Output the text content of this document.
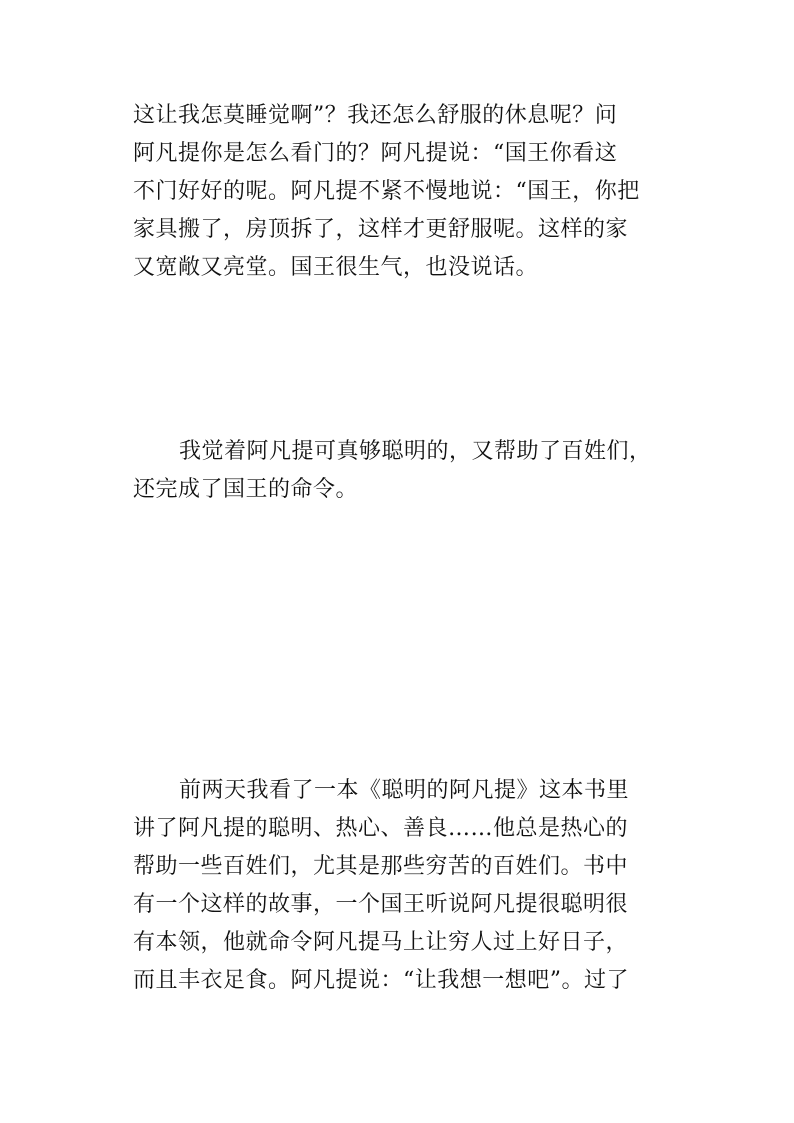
这让我怎莫睡觉啊”？我还怎么舒服的休息呢？问
阿凡提你是怎么看门的？阿凡提说：“国王你看这
不门好好的呢。阿凡提不紧不慢地说：“国王，你把
家具搬了，房顶拆了，这样才更舒服呢。这样的家
又宽敞又亮堂。国王很生气，也没说话。
我觉着阿凡提可真够聪明的，又帮助了百姓们，
还完成了国王的命令。
前两天我看了一本《聪明的阿凡提》这本书里
讲了阿凡提的聪明、热心、善良……他总是热心的
帮助一些百姓们，尤其是那些穷苦的百姓们。书中
有一个这样的故事，一个国王听说阿凡提很聪明很
有本领，他就命令阿凡提马上让穷人过上好日子，
而且丰衣足食。阿凡提说：“让我想一想吧”。过了
